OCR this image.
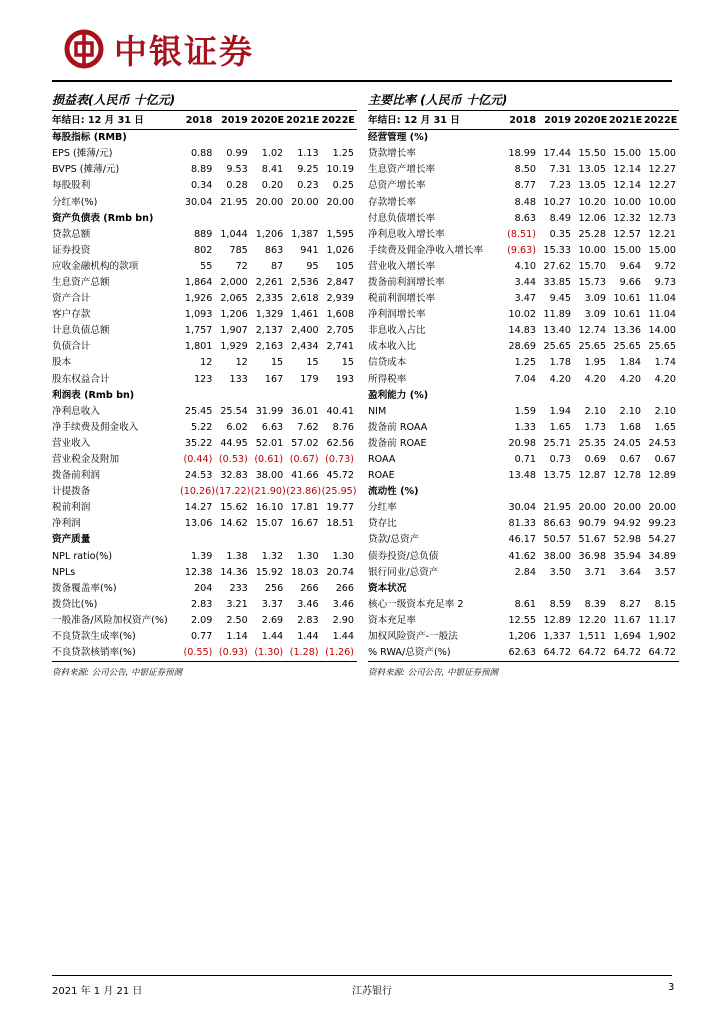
中银证券
损益表(人民币 十亿元)
年结日: 12 月 31 日	2018	2019	2020E	2021E	2022E
每股指标 (RMB)					
EPS (摊薄/元)	0.88	0.99	1.02	1.13	1.25
BVPS (摊薄/元)	8.89	9.53	8.41	9.25	10.19
每股股利	0.34	0.28	0.20	0.23	0.25
分红率(%)	30.04	21.95	20.00	20.00	20.00
资产负债表 (Rmb bn)					
贷款总额	889	1,044	1,206	1,387	1,595
证券投资	802	785	863	941	1,026
应收金融机构的款项	55	72	87	95	105
生息资产总额	1,864	2,000	2,261	2,536	2,847
资产合计	1,926	2,065	2,335	2,618	2,939
客户存款	1,093	1,206	1,329	1,461	1,608
计息负债总额	1,757	1,907	2,137	2,400	2,705
负债合计	1,801	1,929	2,163	2,434	2,741
股本	12	12	15	15	15
股东权益合计	123	133	167	179	193
利润表 (Rmb bn)					
净利息收入	25.45	25.54	31.99	36.01	40.41
净手续费及佣金收入	5.22	6.02	6.63	7.62	8.76
营业收入	35.22	44.95	52.01	57.02	62.56
营业税金及附加	(0.44)	(0.53)	(0.61)	(0.67)	(0.73)
拨备前利润	24.53	32.83	38.00	41.66	45.72
计提拨备	(10.26)	(17.22)	(21.90)	(23.86)	(25.95)
税前利润	14.27	15.62	16.10	17.81	19.77
净利润	13.06	14.62	15.07	16.67	18.51
资产质量					
NPL ratio(%)	1.39	1.38	1.32	1.30	1.30
NPLs	12.38	14.36	15.92	18.03	20.74
拨备覆盖率(%)	204	233	256	266	266
拨贷比(%)	2.83	3.21	3.37	3.46	3.46
一般准备/风险加权资产(%)	2.09	2.50	2.69	2.83	2.90
不良贷款生成率(%)	0.77	1.14	1.44	1.44	1.44
不良贷款核销率(%)	(0.55)	(0.93)	(1.30)	(1.28)	(1.26)
资料来源: 公司公告, 中银证券预测
主要比率 (人民币 十亿元)
年结日: 12 月 31 日	2018	2019	2020E	2021E	2022E
经营管理 (%)					
贷款增长率	18.99	17.44	15.50	15.00	15.00
生息资产增长率	8.50	7.31	13.05	12.14	12.27
总资产增长率	8.77	7.23	13.05	12.14	12.27
存款增长率	8.48	10.27	10.20	10.00	10.00
付息负债增长率	8.63	8.49	12.06	12.32	12.73
净利息收入增长率	(8.51)	0.35	25.28	12.57	12.21
手续费及佣金净收入增长率	(9.63)	15.33	10.00	15.00	15.00
营业收入增长率	4.10	27.62	15.70	9.64	9.72
拨备前利润增长率	3.44	33.85	15.73	9.66	9.73
税前利润增长率	3.47	9.45	3.09	10.61	11.04
净利润增长率	10.02	11.89	3.09	10.61	11.04
非息收入占比	14.83	13.40	12.74	13.36	14.00
成本收入比	28.69	25.65	25.65	25.65	25.65
信贷成本	1.25	1.78	1.95	1.84	1.74
所得税率	7.04	4.20	4.20	4.20	4.20
盈利能力 (%)					
NIM	1.59	1.94	2.10	2.10	2.10
拨备前 ROAA	1.33	1.65	1.73	1.68	1.65
拨备前 ROAE	20.98	25.71	25.35	24.05	24.53
ROAA	0.71	0.73	0.69	0.67	0.67
ROAE	13.48	13.75	12.87	12.78	12.89
流动性 (%)					
分红率	30.04	21.95	20.00	20.00	20.00
贷存比	81.33	86.63	90.79	94.92	99.23
贷款/总资产	46.17	50.57	51.67	52.98	54.27
债券投资/总负债	41.62	38.00	36.98	35.94	34.89
银行同业/总资产	2.84	3.50	3.71	3.64	3.57
资本状况					
核心一级资本充足率 2	8.61	8.59	8.39	8.27	8.15
资本充足率	12.55	12.89	12.20	11.67	11.17
加权风险资产-一般法	1,206	1,337	1,511	1,694	1,902
% RWA/总资产(%)	62.63	64.72	64.72	64.72	64.72
资料来源: 公司公告, 中银证券预测
2021 年 1 月 21 日	江苏银行	3
